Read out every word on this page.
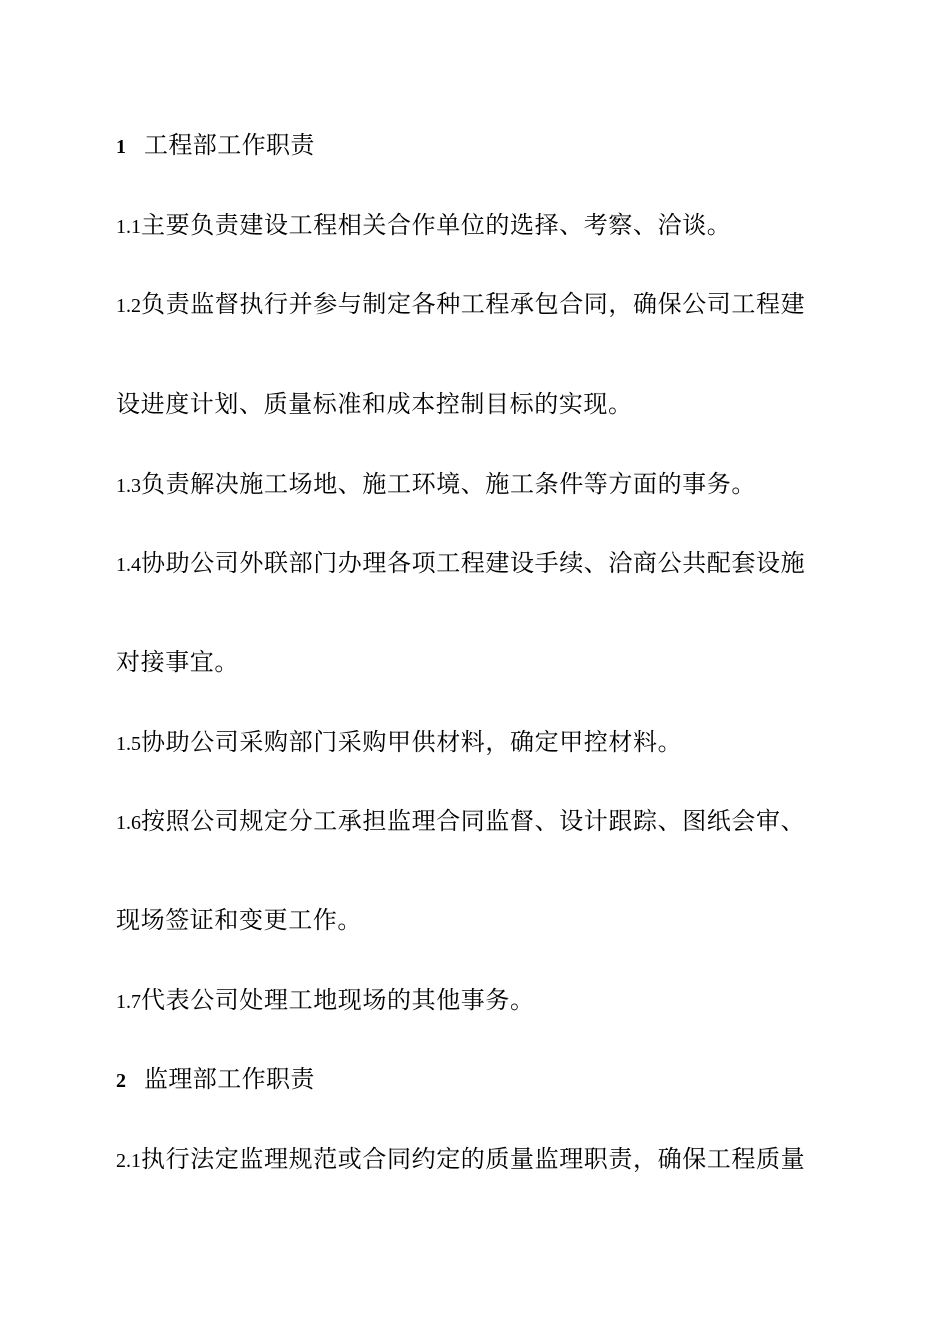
1 工程部工作职责
1.1主要负责建设工程相关合作单位的选择、考察、洽谈。
1.2负责监督执行并参与制定各种工程承包合同，确保公司工程建
设进度计划、质量标准和成本控制目标的实现。
1.3负责解决施工场地、施工环境、施工条件等方面的事务。
1.4协助公司外联部门办理各项工程建设手续、洽商公共配套设施
对接事宜。
1.5协助公司采购部门采购甲供材料，确定甲控材料。
1.6按照公司规定分工承担监理合同监督、设计跟踪、图纸会审、
现场签证和变更工作。
1.7代表公司处理工地现场的其他事务。
2 监理部工作职责
2.1执行法定监理规范或合同约定的质量监理职责，确保工程质量
